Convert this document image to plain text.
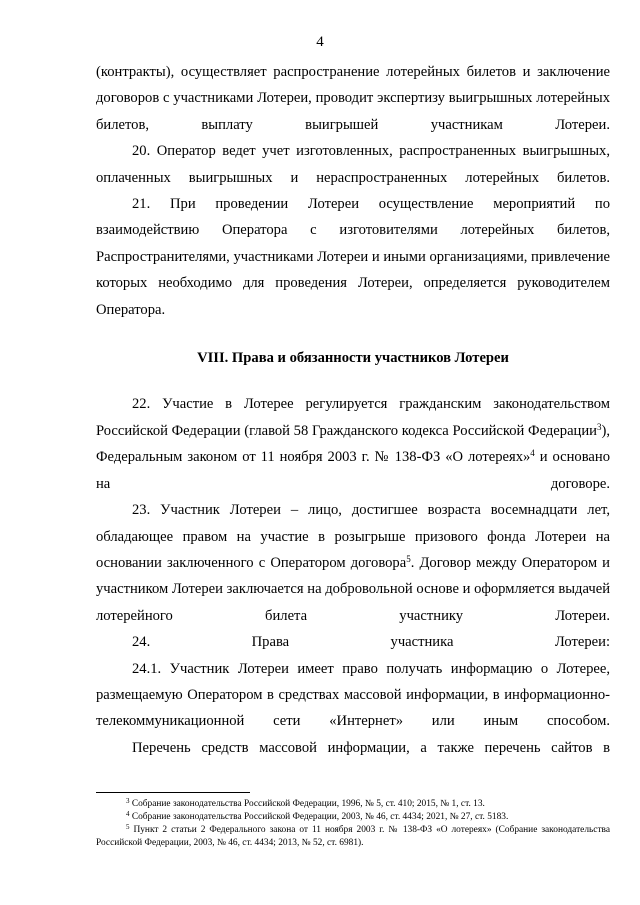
4

(контракты), осуществляет распространение лотерейных билетов и заключение договоров с участниками Лотереи, проводит экспертизу выигрышных лотерейных билетов, выплату выигрышей участникам Лотереи.

20. Оператор ведет учет изготовленных, распространенных выигрышных, оплаченных выигрышных и нераспространенных лотерейных билетов.

21. При проведении Лотереи осуществление мероприятий по взаимодействию Оператора с изготовителями лотерейных билетов, Распространителями, участниками Лотереи и иными организациями, привлечение которых необходимо для проведения Лотереи, определяется руководителем Оператора.

VIII. Права и обязанности участников Лотереи

22. Участие в Лотерее регулируется гражданским законодательством Российской Федерации (главой 58 Гражданского кодекса Российской Федерации$^3$), Федеральным законом от 11 ноября 2003 г. № 138-ФЗ «О лотереях»$^4$ и основано на договоре.

23. Участник Лотереи – лицо, достигшее возраста восемнадцати лет, обладающее правом на участие в розыгрыше призового фонда Лотереи на основании заключенного с Оператором договора$^5$. Договор между Оператором и участником Лотереи заключается на добровольной основе и оформляется выдачей лотерейного билета участнику Лотереи.

24. Права участника Лотереи:

24.1. Участник Лотереи имеет право получать информацию о Лотерее, размещаемую Оператором в средствах массовой информации, в информационно-телекоммуникационной сети «Интернет» или иным способом.

Перечень средств массовой информации, а также перечень сайтов в

$^3$ Собрание законодательства Российской Федерации, 1996, № 5, ст. 410; 2015, № 1, ст. 13.

$^4$ Собрание законодательства Российской Федерации, 2003, № 46, ст. 4434; 2021, № 27, ст. 5183.

$^5$ Пункт 2 статьи 2 Федерального закона от 11 ноября 2003 г. № 138-ФЗ «О лотереях» (Собрание законодательства Российской Федерации, 2003, № 46, ст. 4434; 2013, № 52, ст. 6981).
